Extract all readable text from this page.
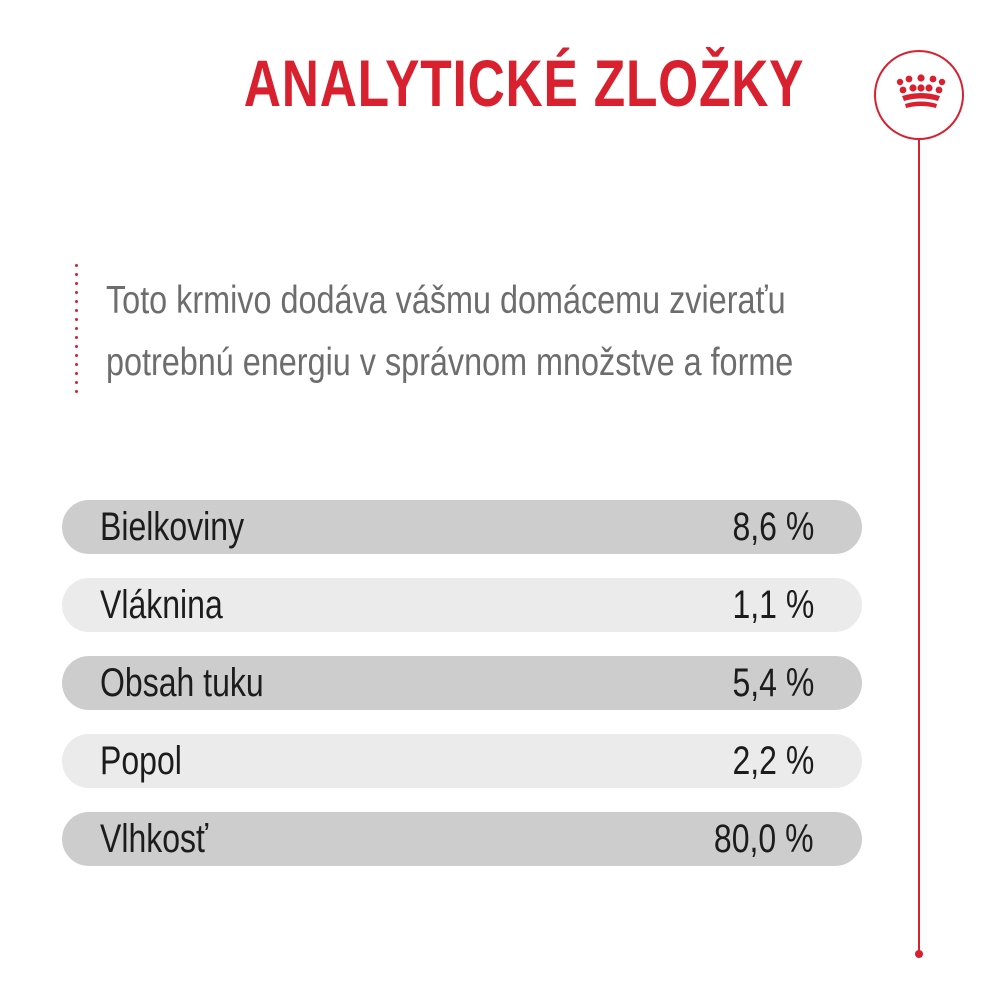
ANALYTICKÉ ZLOŽKY
Toto krmivo dodáva vášmu domácemu zvieraťu
potrebnú energiu v správnom množstve a forme
Bielkoviny	8,6 %
Vláknina	1,1 %
Obsah tuku	5,4 %
Popol	2,2 %
Vlhkosť	80,0 %
